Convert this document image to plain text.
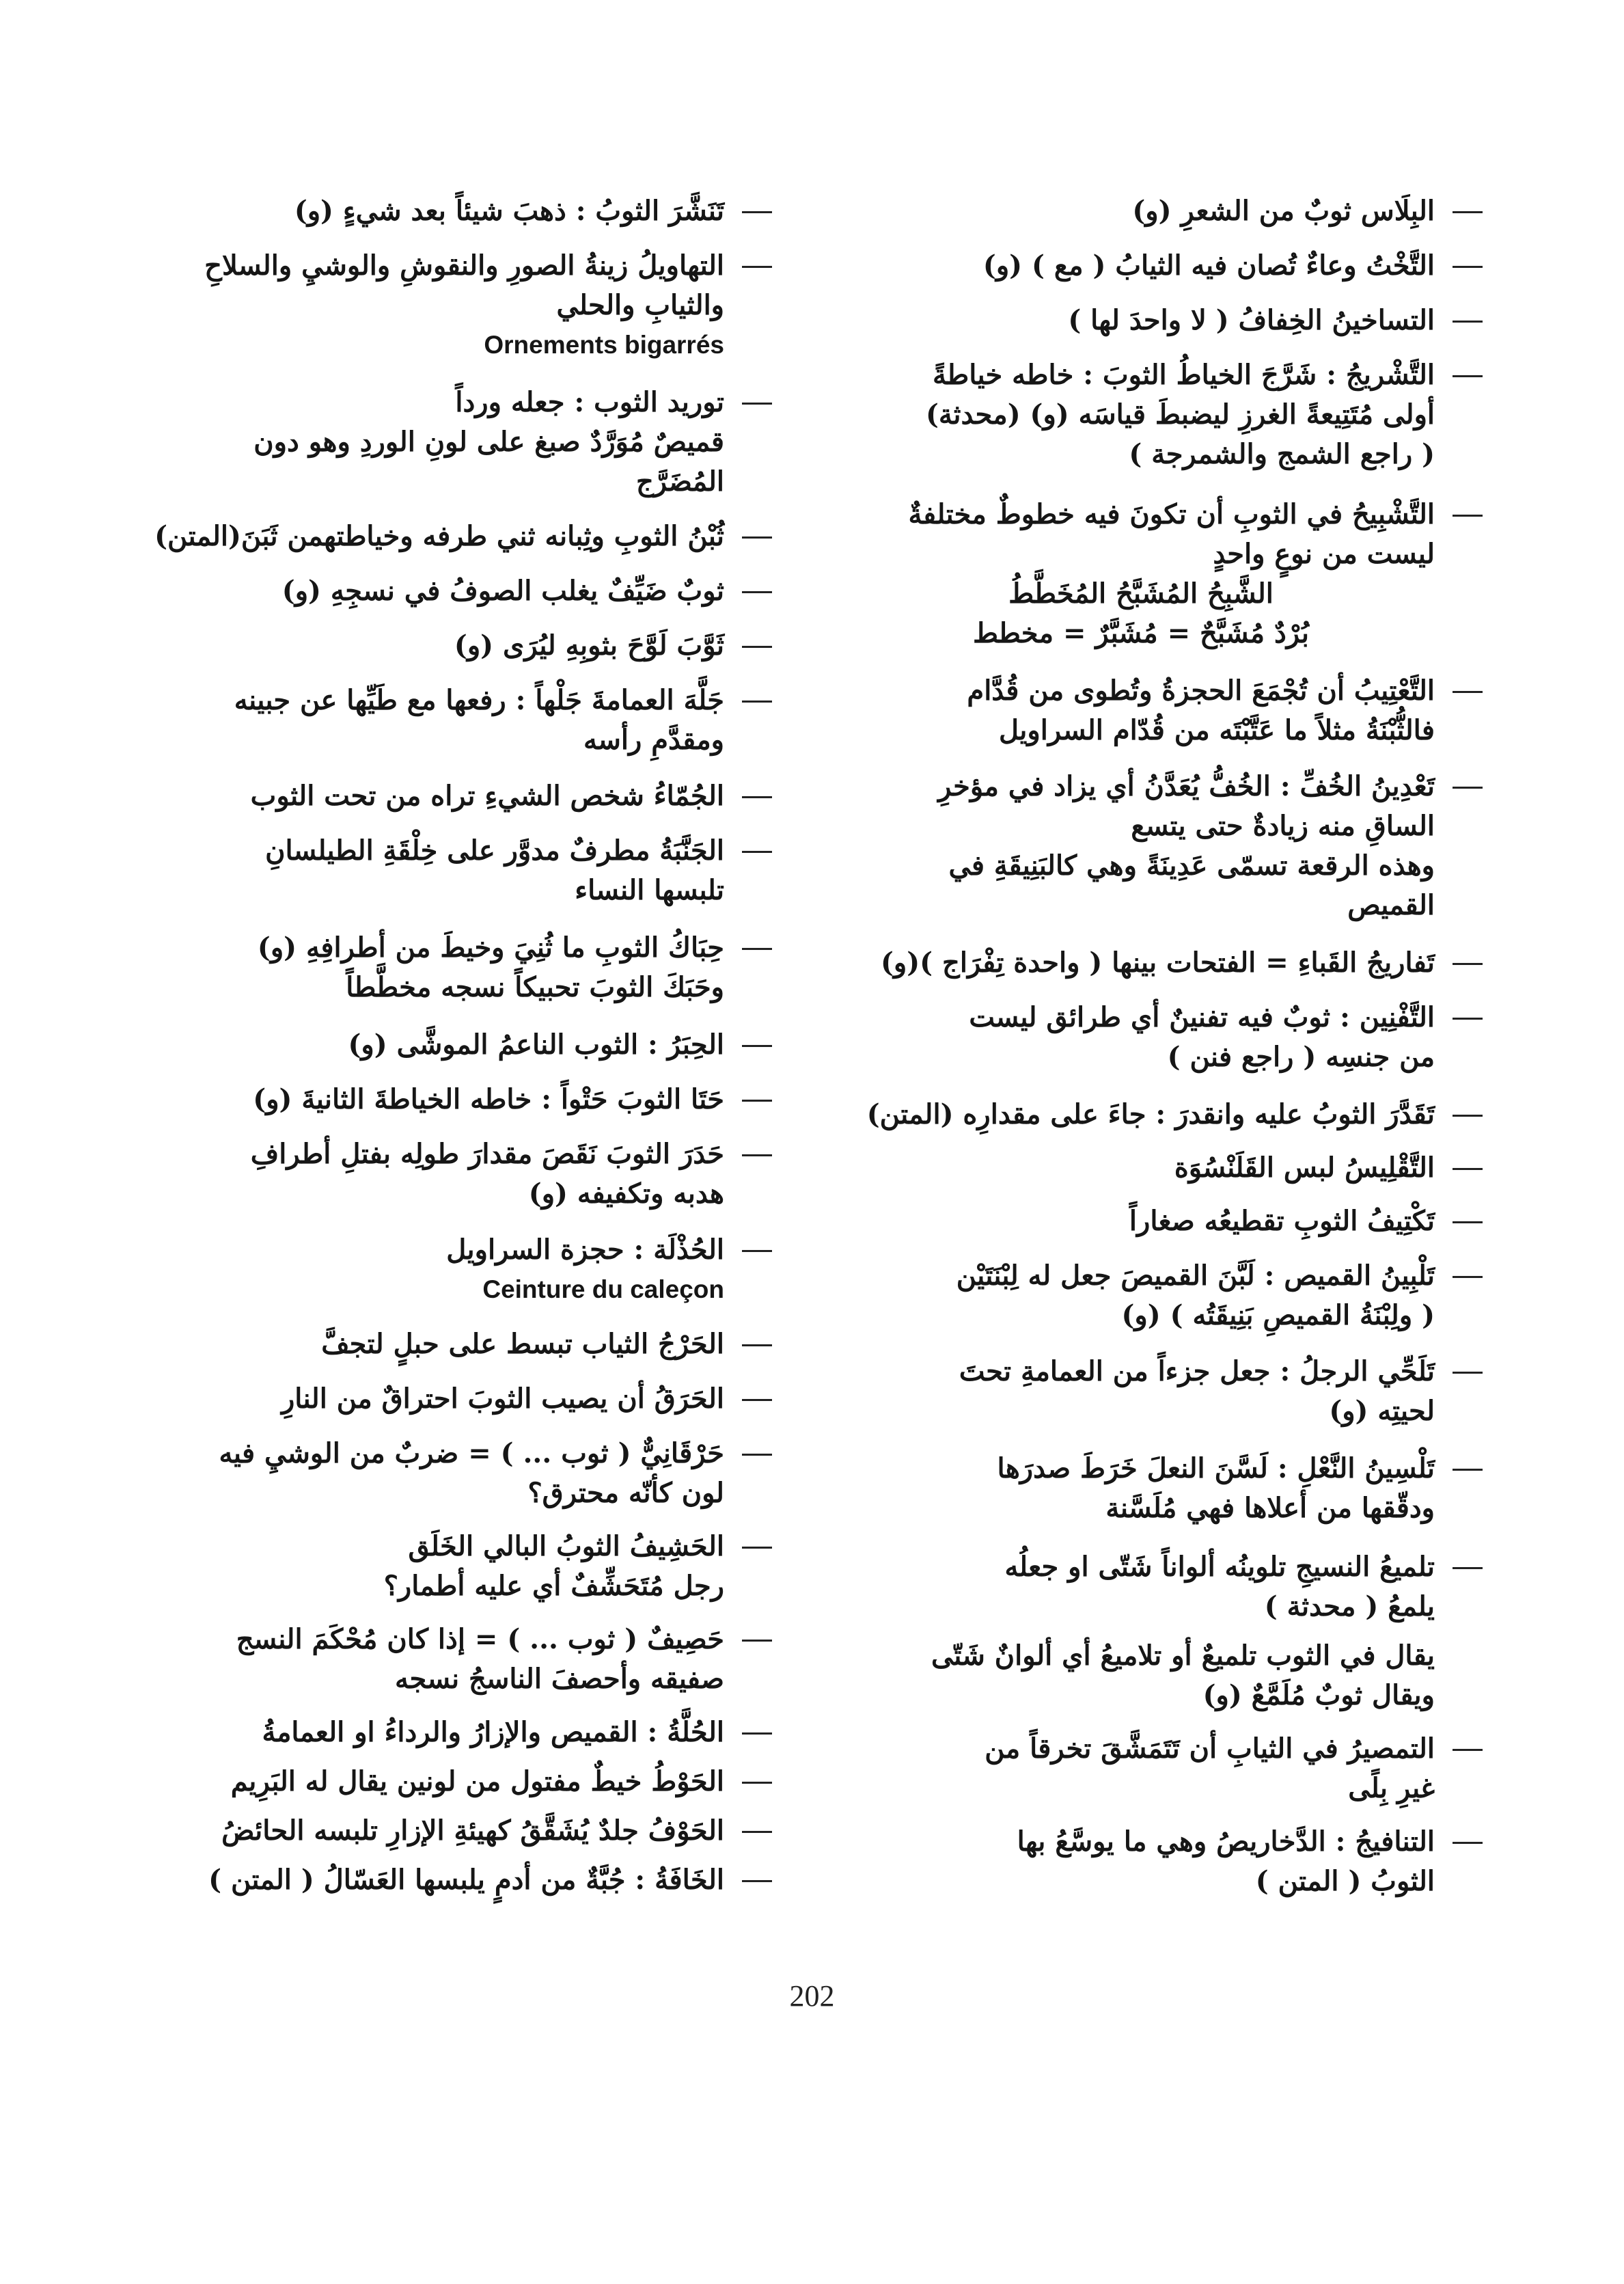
البِلَاس ثوبٌ من الشعرِ (و)
التَّخْتُ وعاءٌ تُصان فيه الثيابُ ( مع ) (و)
التساخينُ الخِفافُ ( لا واحدَ لها )
التَّشْريجُ : شَرَّجَ الخياطُ الثوبَ : خاطه خياطةً
أولى مُتَتِيعةً الغرزِ ليضبطَ قياسَه (و) (محدثة)
( راجع الشمج والشمرجة )
التَّشْبِيحُ في الثوبِ أن تكونَ فيه خطوطٌ مختلفةٌ
ليست من نوعٍ واحدٍ
الشَّبِحُ المُشَبَّحُ المُخَطَّطُ
بُرْدٌ مُشَبَّحٌ = مُشَبَّرٌ = مخطط
التَّعْتِيبُ أن تُجْمَعَ الحجزةُ وتُطوى من قُدَّام
فالثُّبْنَةُ مثلاً ما عَتَّبْتَه من قُدّام السراويل
تَعْدِينُ الخُفِّ : الخُفُّ يُعَدَّنُ أي يزاد في مؤخرِ
الساقِ منه زيادةٌ حتى يتسع
وهذه الرقعة تسمّى عَدِينَةً وهي كالبَنِيقَةِ في
القميص
تَفاريجُ القَباءِ = الفتحات بينها ( واحدة تِفْرَاج )(و)
التَّفْنِين : ثوبٌ فيه تفنينٌ أي طرائق ليست
من جنسِه ( راجع فنن )
تَقَدَّرَ الثوبُ عليه وانقدرَ : جاءَ على مقدارِه (المتن)
التَّقْلِيسُ لبس القَلَنْسُوَة
تَكْتِيفُ الثوبِ تقطيعُه صغاراً
تَلْبِينُ القميص : لَبَّنَ القميصَ جعل له لِبْنَتَيْن
( ولِبْنَةُ القميصِ بَنِيقَتُه ) (و)
تَلَحِّي الرجلُ : جعل جزءاً من العمامةِ تحتَ
لحيتِه (و)
تَلْسِينُ النَّعْلِ : لَسَّنَ النعلَ خَرَطَ صدرَها
ودقّقها من أعلاها فهي مُلَسَّنة
تلميعُ النسيجِ تلوينُه ألواناً شَتّى او جعلُه
يلمعُ ( محدثة )
يقال في الثوب تلميعٌ أو تلاميعُ أي ألوانٌ شَتّى
ويقال ثوبٌ مُلَمَّعٌ (و)
التمصيرُ في الثيابِ أن تَتَمَشَّقَ تخرقاً من
غيرِ بِلًى
التنافيجُ : الدَّخاريصُ وهي ما يوسَّعُ بها
الثوبُ ( المتن )
تَنَشَّرَ الثوبُ : ذهبَ شيئاً بعد شيءٍ (و)
التهاويلُ زينةُ الصورِ والنقوشِ والوشيِ والسلاحِ
والثيابِ والحلي
Ornements bigarrés
توريد الثوب : جعله ورداً
قميصٌ مُوَرَّدٌ صبغ على لونِ الوردِ وهو دون
المُضَرَّج
ثُبْنُ الثوبِ وثِبانه ثني طرفه وخياطتهمن ثَبَنَ(المتن)
ثوبٌ ضَيِّفٌ يغلب الصوفُ في نسجِهِ (و)
ثَوَّبَ لَوَّحَ بثوبِهِ ليُرَى (و)
جَلَّهَ العمامةَ جَلْهاً : رفعها مع طَيِّها عن جبينه
ومقدَّمِ رأسه
الجُمّاءُ شخص الشيءِ تراه من تحت الثوب
الجَنَّبَةُ مطرفٌ مدوَّر على خِلْقَةِ الطيلسانِ
تلبسها النساء
حِبَاكُ الثوبِ ما ثُنِيَ وخيطَ من أطرافِهِ (و)
وحَبَكَ الثوبَ تحبيكاً نسجه مخطَّطاً
الحِبَرُ : الثوب الناعمُ الموشَّى (و)
حَتَا الثوبَ حَتْواً : خاطه الخياطةَ الثانيةَ (و)
حَدَرَ الثوبَ نَقَصَ مقدارَ طولِه بفتلِ أطرافِ
هدبه وتكفيفه (و)
الحُذْلَة : حجزة السراويل
Ceinture du caleçon
الحَرْجُ الثياب تبسط على حبلٍ لتجفَّ
الحَرَقُ أن يصيب الثوبَ احتراقٌ من النارِ
حَرْقَانِيٌّ ( ثوب ... ) = ضربٌ من الوشيِ فيه
لون كأنّه محترق؟
الحَشِيفُ الثوبُ البالي الخَلَق
رجل مُتَحَشِّفٌ أي عليه أطمار؟
حَصِيفٌ ( ثوب ... ) = إذا كان مُحْكَمَ النسج
صفيقه وأحصفَ الناسجُ نسجه
الحُلَّةُ : القميص والإزارُ والرداءُ او العمامةُ
الحَوْطُ خيطٌ مفتول من لونين يقال له البَرِيم
الحَوْفُ جلدٌ يُشَقَّقُ كهيئةِ الإزارِ تلبسه الحائضُ
الخَافَةُ : جُبَّةٌ من أدمٍ يلبسها العَسّالُ ( المتن )
202
